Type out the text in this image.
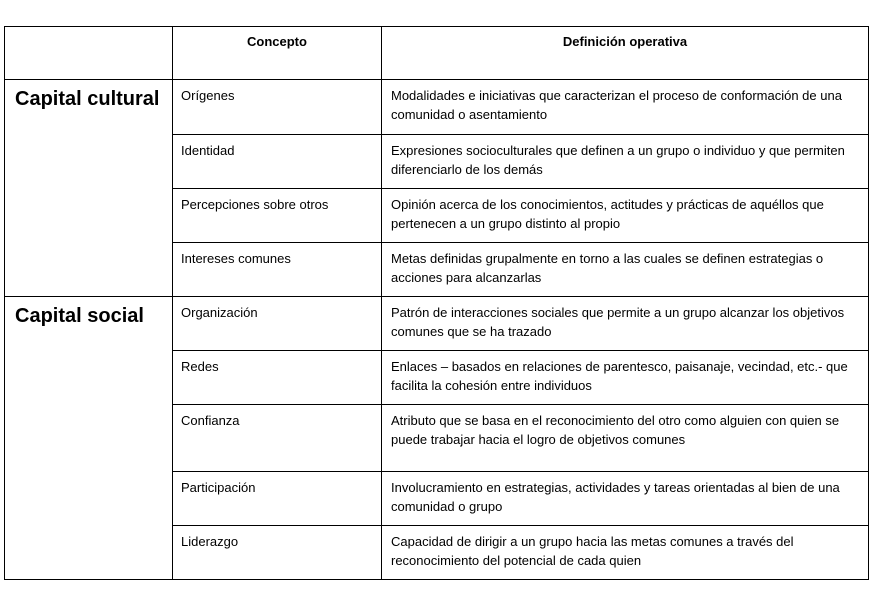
	Concepto	Definición operativa
Capital cultural	Orígenes	Modalidades e iniciativas que caracterizan el proceso de conformación de una comunidad o asentamiento
	Identidad	Expresiones socioculturales que definen a un grupo o individuo y que permiten diferenciarlo de los demás
	Percepciones sobre otros	Opinión acerca de los conocimientos, actitudes y prácticas de aquéllos que pertenecen a un grupo distinto al propio
	Intereses comunes	Metas definidas grupalmente en torno a las cuales se definen estrategias o acciones para alcanzarlas
Capital social	Organización	Patrón de interacciones sociales que permite a un grupo alcanzar los objetivos comunes que se ha trazado
	Redes	Enlaces – basados en relaciones de parentesco, paisanaje, vecindad, etc.- que facilita la cohesión entre individuos
	Confianza	Atributo que se basa en el reconocimiento del otro como alguien con quien se puede trabajar hacia el logro de objetivos comunes
	Participación	Involucramiento en estrategias, actividades y tareas orientadas al bien de una comunidad o grupo
	Liderazgo	Capacidad de dirigir a un grupo hacia las metas comunes a través del reconocimiento del potencial de cada quien
